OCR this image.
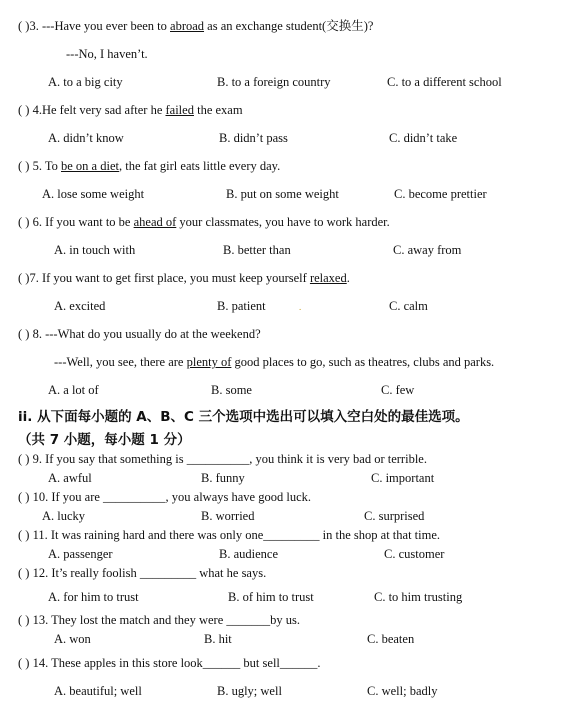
( )3. ---Have you ever been to abroad as an exchange student(交换生)?
---No, I haven’t.
A. to a big city	B. to a foreign country	C. to a different school
( ) 4.He felt very sad after he failed the exam
A. didn’t know	B. didn’t pass	C. didn’t take
( ) 5. To be on a diet, the fat girl eats little every day.
A. lose some weight	B. put on some weight	C. become prettier
( ) 6. If you want to be ahead of your classmates, you have to work harder.
A. in touch with	B. better than	C. away from
( )7. If you want to get first place, you must keep yourself relaxed.
A. excited	B. patient	.	C. calm
( ) 8. ---What do you usually do at the weekend?
---Well, you see, there are plenty of good places to go, such as theatres, clubs and parks.
A. a lot of	B. some	C. few
ii. 从下面每小题的 A、B、C 三个选项中选出可以填入空白处的最佳选项。
（共 7 小题，每小题 1 分）
( ) 9. If you say that something is __________, you think it is very bad or terrible.
A. awful	B. funny	C. important
( ) 10. If you are __________, you always have good luck.
A. lucky	B. worried	C. surprised
( ) 11. It was raining hard and there was only one_________ in the shop at that time.
A. passenger	B. audience	C. customer
( ) 12. It’s really foolish _________ what he says.
A. for him to trust	B. of him to trust	C. to him trusting
( ) 13. They lost the match and they were _______by us.
A. won	B. hit	C. beaten
( ) 14. These apples in this store look______ but sell______.
A. beautiful; well	B. ugly; well	C. well; badly
